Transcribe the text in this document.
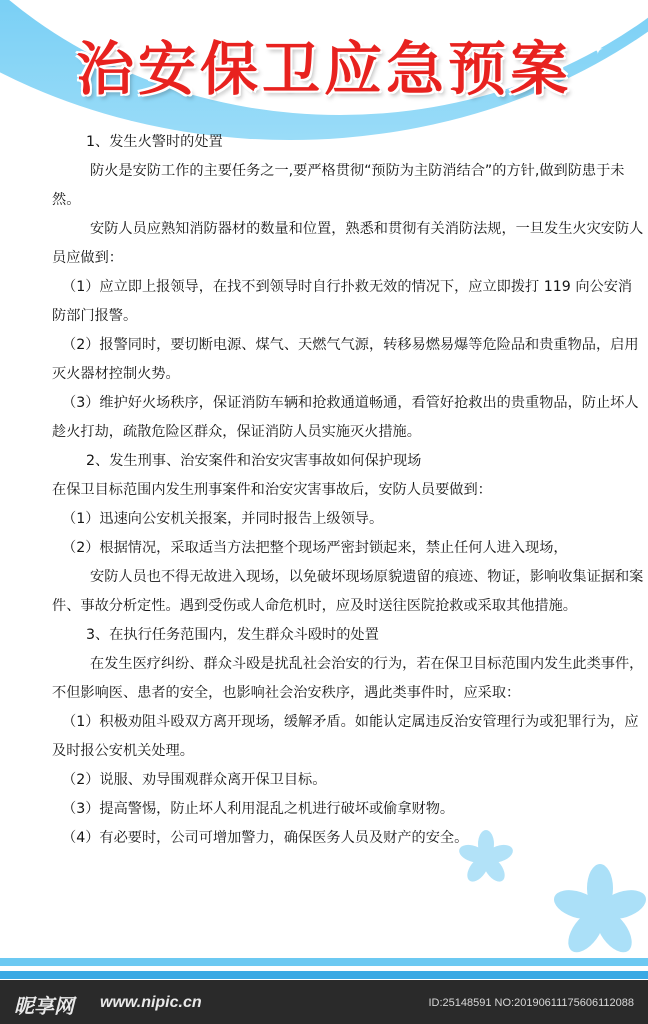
✦
✦
✦
✦
治安保卫应急预案

1、发生火警时的处置

防火是安防工作的主要任务之一,要严格贯彻“预防为主防消结合”的方针,做到防患于未然。

安防人员应熟知消防器材的数量和位置，熟悉和贯彻有关消防法规，一旦发生火灾安防人员应做到：

（1）应立即上报领导，在找不到领导时自行扑救无效的情况下，应立即拨打 119 向公安消防部门报警。

（2）报警同时，要切断电源、煤气、天燃气气源，转移易燃易爆等危险品和贵重物品，启用灭火器材控制火势。

（3）维护好火场秩序，保证消防车辆和抢救通道畅通，看管好抢救出的贵重物品，防止坏人趁火打劫，疏散危险区群众，保证消防人员实施灭火措施。

2、发生刑事、治安案件和治安灾害事故如何保护现场

在保卫目标范围内发生刑事案件和治安灾害事故后，安防人员要做到：

（1）迅速向公安机关报案，并同时报告上级领导。

（2）根据情况，采取适当方法把整个现场严密封锁起来，禁止任何人进入现场，

安防人员也不得无故进入现场，以免破坏现场原貌遗留的痕迹、物证，影响收集证据和案件、事故分析定性。遇到受伤或人命危机时，应及时送往医院抢救或采取其他措施。

3、在执行任务范围内，发生群众斗殴时的处置

在发生医疗纠纷、群众斗殴是扰乱社会治安的行为，若在保卫目标范围内发生此类事件，不但影响医、患者的安全，也影响社会治安秩序，遇此类事件时，应采取：

（1）积极劝阻斗殴双方离开现场，缓解矛盾。如能认定属违反治安管理行为或犯罪行为，应及时报公安机关处理。

（2）说服、劝导围观群众离开保卫目标。

（3）提高警惕，防止坏人利用混乱之机进行破坏或偷拿财物。

（4）有必要时，公司可增加警力，确保医务人员及财产的安全。

昵享网 www.nipic.cn	ID:25148591 NO:20190611175606112088
